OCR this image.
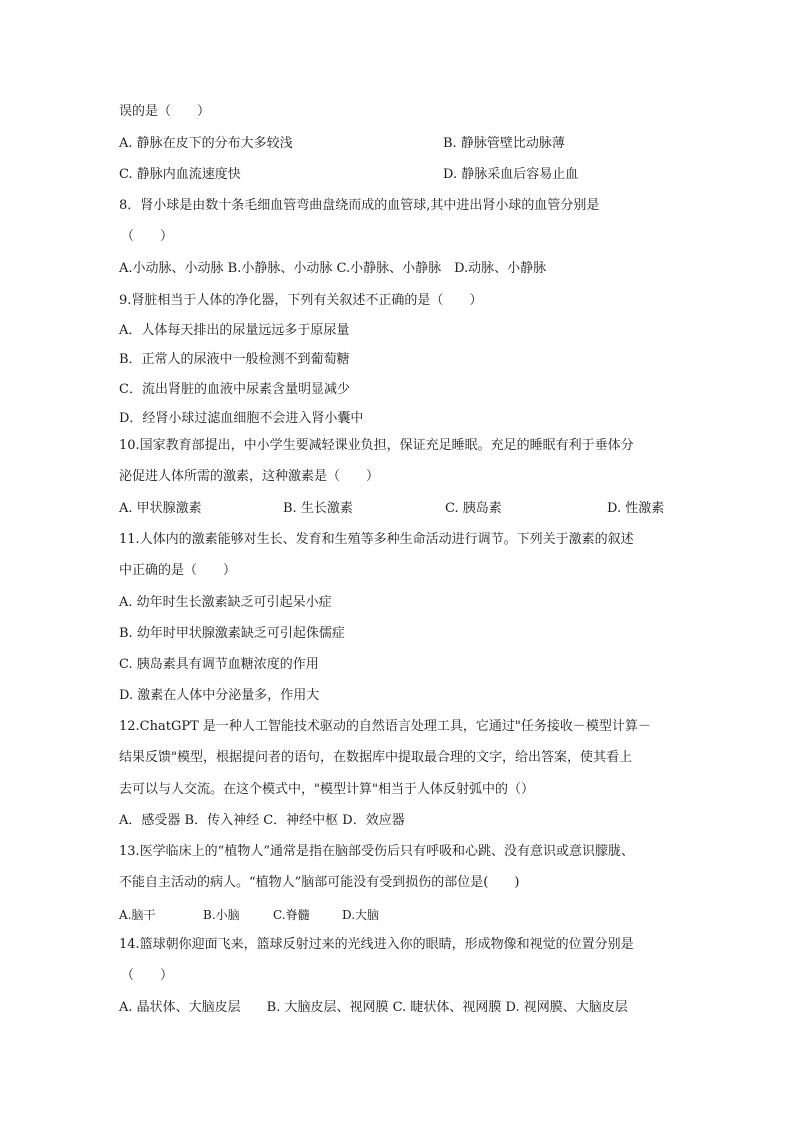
误的是（　　）

A. 静脉在皮下的分布大多较浅	B. 静脉管壁比动脉薄

C. 静脉内血流速度快	D. 静脉采血后容易止血

8．肾小球是由数十条毛细血管弯曲盘绕而成的血管球,其中进出肾小球的血管分别是

（　　）

A.小动脉、小动脉 B.小静脉、小动脉 C.小静脉、小静脉　D.动脉、小静脉

9.肾脏相当于人体的净化器，下列有关叙述不正确的是（　　）

A．人体每天排出的尿量远远多于原尿量

B．正常人的尿液中一般检测不到葡萄糖

C．流出肾脏的血液中尿素含量明显减少

D．经肾小球过滤血细胞不会进入肾小囊中

10.国家教育部提出，中小学生要减轻课业负担，保证充足睡眠。充足的睡眠有利于垂体分

泌促进人体所需的激素，这种激素是（　　）

A. 甲状腺激素	B. 生长激素	C. 胰岛素	D. 性激素

11.人体内的激素能够对生长、发育和生殖等多种生命活动进行调节。下列关于激素的叙述

中正确的是（　　）

A. 幼年时生长激素缺乏可引起呆小症

B. 幼年时甲状腺激素缺乏可引起侏儒症

C. 胰岛素具有调节血糖浓度的作用

D. 激素在人体中分泌量多，作用大

12.ChatGPT 是一种人工智能技术驱动的自然语言处理工具，它通过"任务接收－模型计算－

结果反馈"模型，根据提问者的语句，在数据库中提取最合理的文字，给出答案，使其看上

去可以与人交流。在这个模式中，"模型计算"相当于人体反射弧中的（）

A．感受器 B．传入神经 C．神经中枢 D．效应器

13.医学临床上的“植物人”通常是指在脑部受伤后只有呼吸和心跳、没有意识或意识朦胧、

不能自主活动的病人。“植物人”脑部可能没有受到损伤的部位是(　　)

A.脑干	B.小脑	C.脊髓	D.大脑

14.篮球朝你迎面飞来，篮球反射过来的光线进入你的眼睛，形成物像和视觉的位置分别是

（　　）

A. 晶状体、大脑皮层　　B. 大脑皮层、视网膜 C. 睫状体、视网膜 D. 视网膜、大脑皮层
